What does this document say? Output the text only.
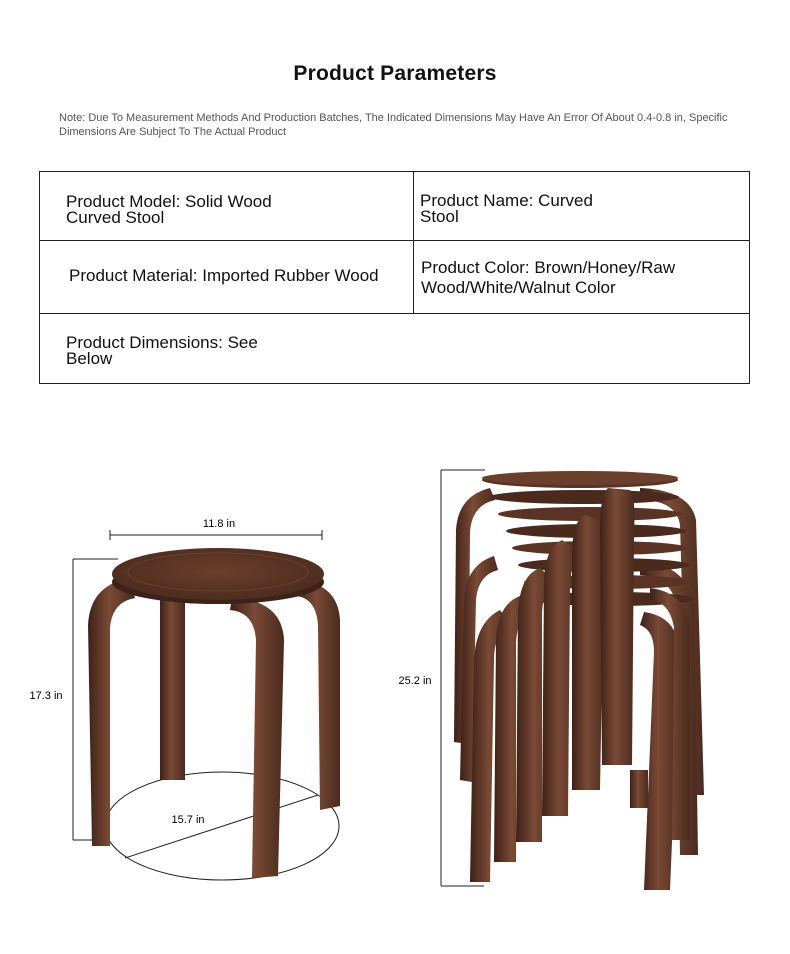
Product Parameters
Note: Due To Measurement Methods And Production Batches, The Indicated Dimensions May Have An Error Of About 0.4-0.8 in, Specific Dimensions Are Subject To The Actual Product
Product Model: Solid Wood
Curved Stool
Product Name: Curved
Stool
Product Material: Imported Rubber Wood Product Color: Brown/Honey/Raw
Wood/White/Walnut Color
Product Dimensions: See
Below
11.8 in
17.3 in
15.7 in
25.2 in
